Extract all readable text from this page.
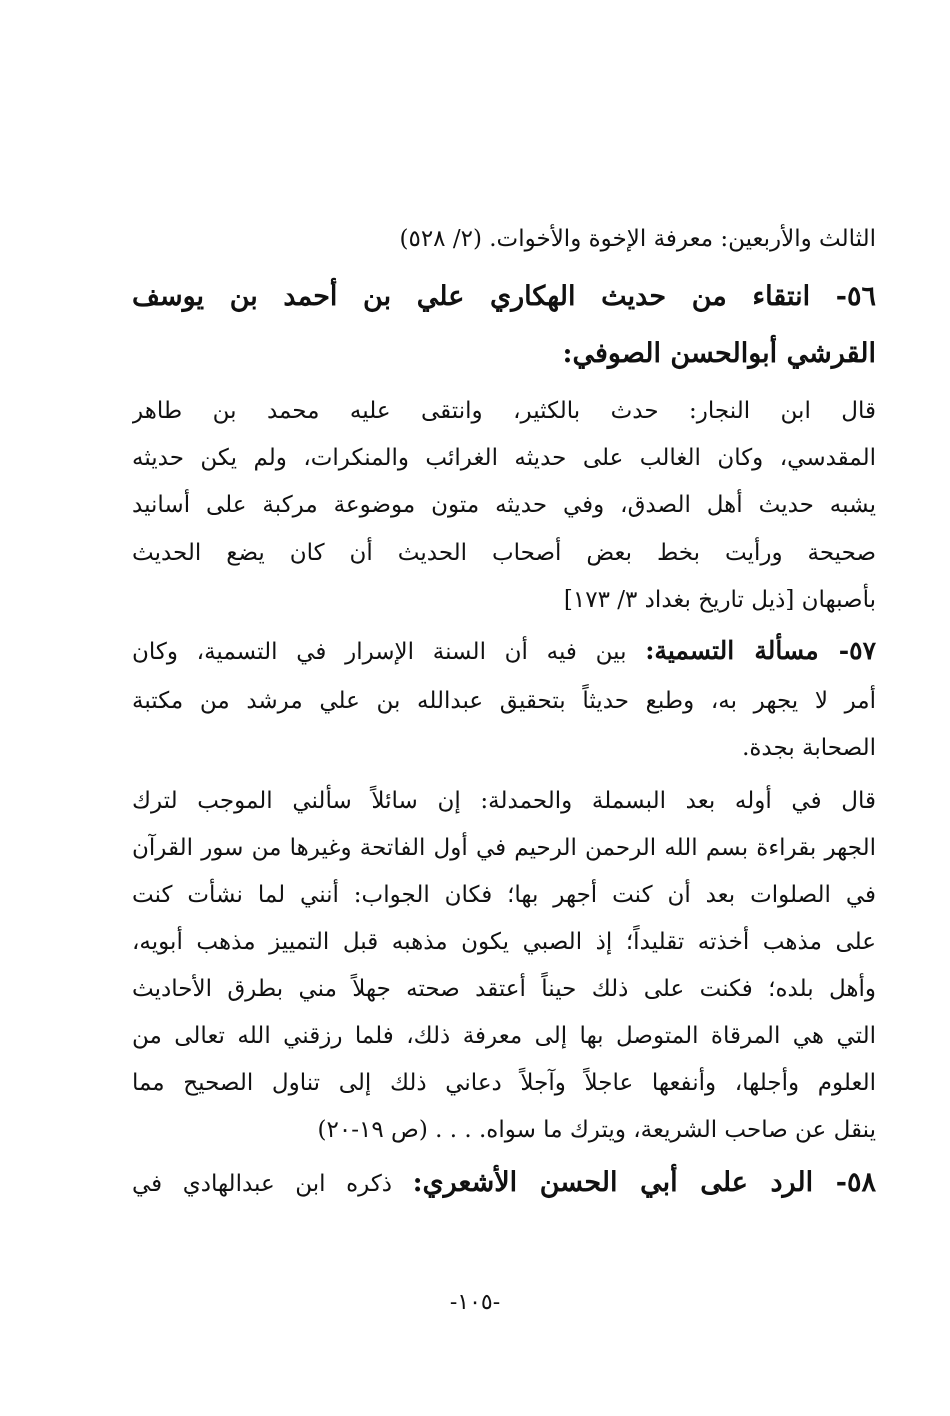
الثالث والأربعين: معرفة الإخوة والأخوات. (٢/ ٥٢٨)
٥٦- انتقاء من حديث الهكاري علي بن أحمد بن يوسف
القرشي أبوالحسن الصوفي:
قال ابن النجار: حدث بالكثير، وانتقى عليه محمد بن طاهر
المقدسي، وكان الغالب على حديثه الغرائب والمنكرات، ولم يكن حديثه
يشبه حديث أهل الصدق، وفي حديثه متون موضوعة مركبة على أسانيد
صحيحة ورأيت بخط بعض أصحاب الحديث أن كان يضع الحديث
بأصبهان [ذيل تاريخ بغداد ٣/ ١٧٣]
٥٧- مسألة التسمية: بين فيه أن السنة الإسرار في التسمية، وكان
أمر لا يجهر به، وطبع حديثاً بتحقيق عبدالله بن علي مرشد من مكتبة
الصحابة بجدة.
قال في أوله بعد البسملة والحمدلة: إن سائلاً سألني الموجب لترك
الجهر بقراءة بسم الله الرحمن الرحيم في أول الفاتحة وغيرها من سور القرآن
في الصلوات بعد أن كنت أجهر بها؛ فكان الجواب: أنني لما نشأت كنت
على مذهب أخذته تقليداً؛ إذ الصبي يكون مذهبه قبل التمييز مذهب أبويه،
وأهل بلده؛ فكنت على ذلك حيناً أعتقد صحته جهلاً مني بطرق الأحاديث
التي هي المرقاة المتوصل بها إلى معرفة ذلك، فلما رزقني الله تعالى من
العلوم وأجلها، وأنفعها عاجلاً وآجلاً دعاني ذلك إلى تناول الصحيح مما
ينقل عن صاحب الشريعة، ويترك ما سواه. . . . (ص ١٩-٢٠)
٥٨- الرد على أبي الحسن الأشعري: ذكره ابن عبدالهادي في
-١٠٥-
